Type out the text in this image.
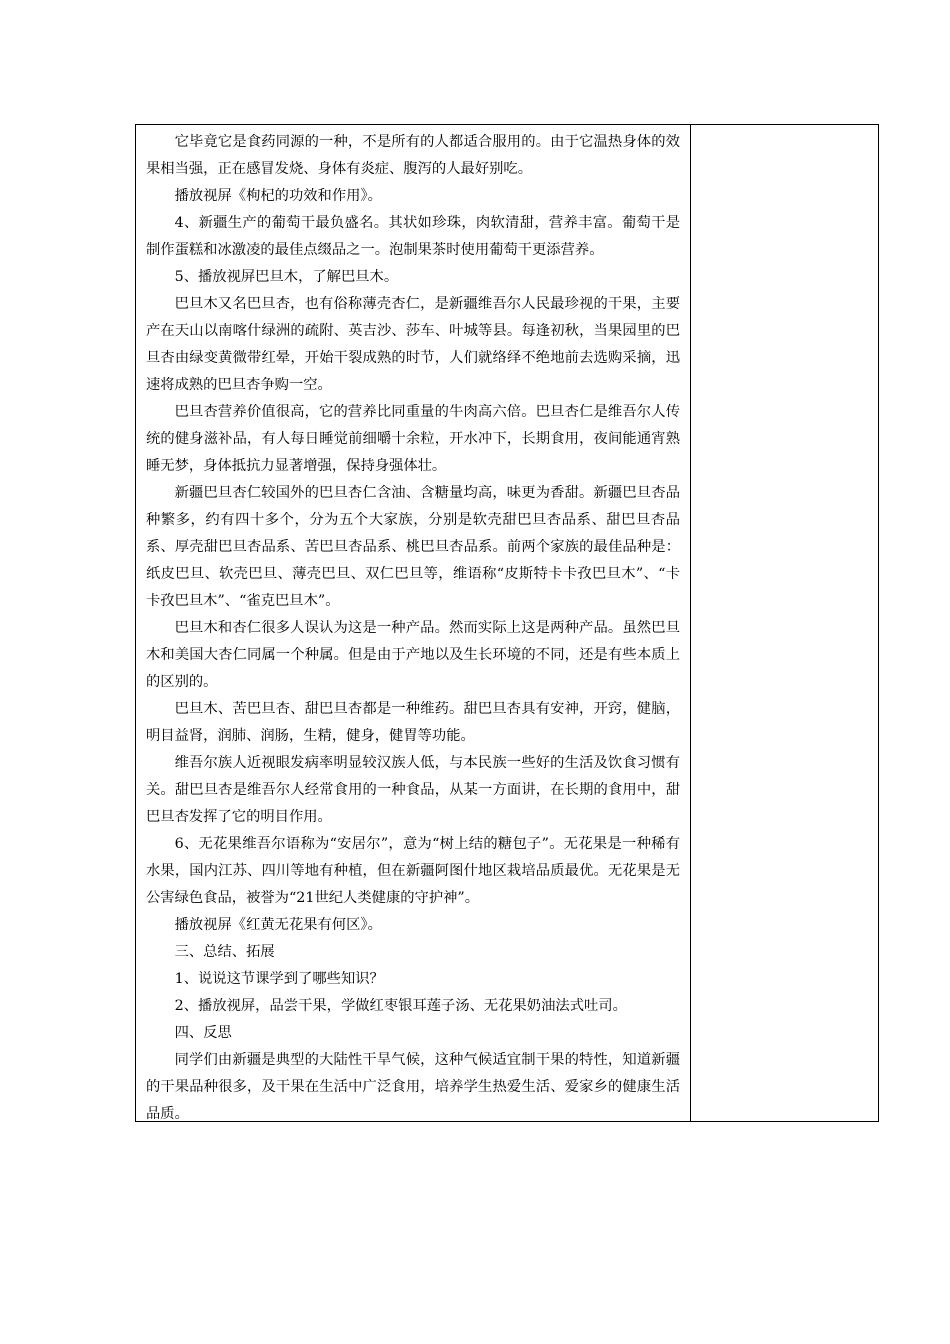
它毕竟它是食药同源的一种，不是所有的人都适合服用的。由于它温热身体的效果相当强，正在感冒发烧、身体有炎症、腹泻的人最好别吃。

播放视屏《枸杞的功效和作用》。

4、新疆生产的葡萄干最负盛名。其状如珍珠，肉软清甜，营养丰富。葡萄干是制作蛋糕和冰激凌的最佳点缀品之一。泡制果茶时使用葡萄干更添营养。

5、播放视屏巴旦木，了解巴旦木。

巴旦木又名巴旦杏，也有俗称薄壳杏仁，是新疆维吾尔人民最珍视的干果，主要产在天山以南喀什绿洲的疏附、英吉沙、莎车、叶城等县。每逢初秋，当果园里的巴旦杏由绿变黄微带红晕，开始干裂成熟的时节，人们就络绎不绝地前去选购采摘，迅速将成熟的巴旦杏争购一空。

巴旦杏营养价值很高，它的营养比同重量的牛肉高六倍。巴旦杏仁是维吾尔人传统的健身滋补品，有人每日睡觉前细嚼十余粒，开水冲下，长期食用，夜间能通宵熟睡无梦，身体抵抗力显著增强，保持身强体壮。

新疆巴旦杏仁较国外的巴旦杏仁含油、含糖量均高，味更为香甜。新疆巴旦杏品种繁多，约有四十多个，分为五个大家族，分别是软壳甜巴旦杏品系、甜巴旦杏品系、厚壳甜巴旦杏品系、苦巴旦杏品系、桃巴旦杏品系。前两个家族的最佳品种是：纸皮巴旦、软壳巴旦、薄壳巴旦、双仁巴旦等，维语称“皮斯特卡卡孜巴旦木”、“卡卡孜巴旦木”、“雀克巴旦木”。

巴旦木和杏仁很多人误认为这是一种产品。然而实际上这是两种产品。虽然巴旦木和美国大杏仁同属一个种属。但是由于产地以及生长环境的不同，还是有些本质上的区别的。

巴旦木、苦巴旦杏、甜巴旦杏都是一种维药。甜巴旦杏具有安神，开窍，健脑，明目益肾，润肺、润肠，生精，健身，健胃等功能。

维吾尔族人近视眼发病率明显较汉族人低，与本民族一些好的生活及饮食习惯有关。甜巴旦杏是维吾尔人经常食用的一种食品，从某一方面讲，在长期的食用中，甜巴旦杏发挥了它的明目作用。

6、无花果维吾尔语称为“安居尔”，意为“树上结的糖包子”。无花果是一种稀有水果，国内江苏、四川等地有种植，但在新疆阿图什地区栽培品质最优。无花果是无公害绿色食品，被誉为“21世纪人类健康的守护神”。

播放视屏《红黄无花果有何区》。

三、总结、拓展

1、说说这节课学到了哪些知识？

2、播放视屏，品尝干果，学做红枣银耳莲子汤、无花果奶油法式吐司。

四、反思

同学们由新疆是典型的大陆性干旱气候，这种气候适宜制干果的特性，知道新疆的干果品种很多，及干果在生活中广泛食用，培养学生热爱生活、爱家乡的健康生活品质。
